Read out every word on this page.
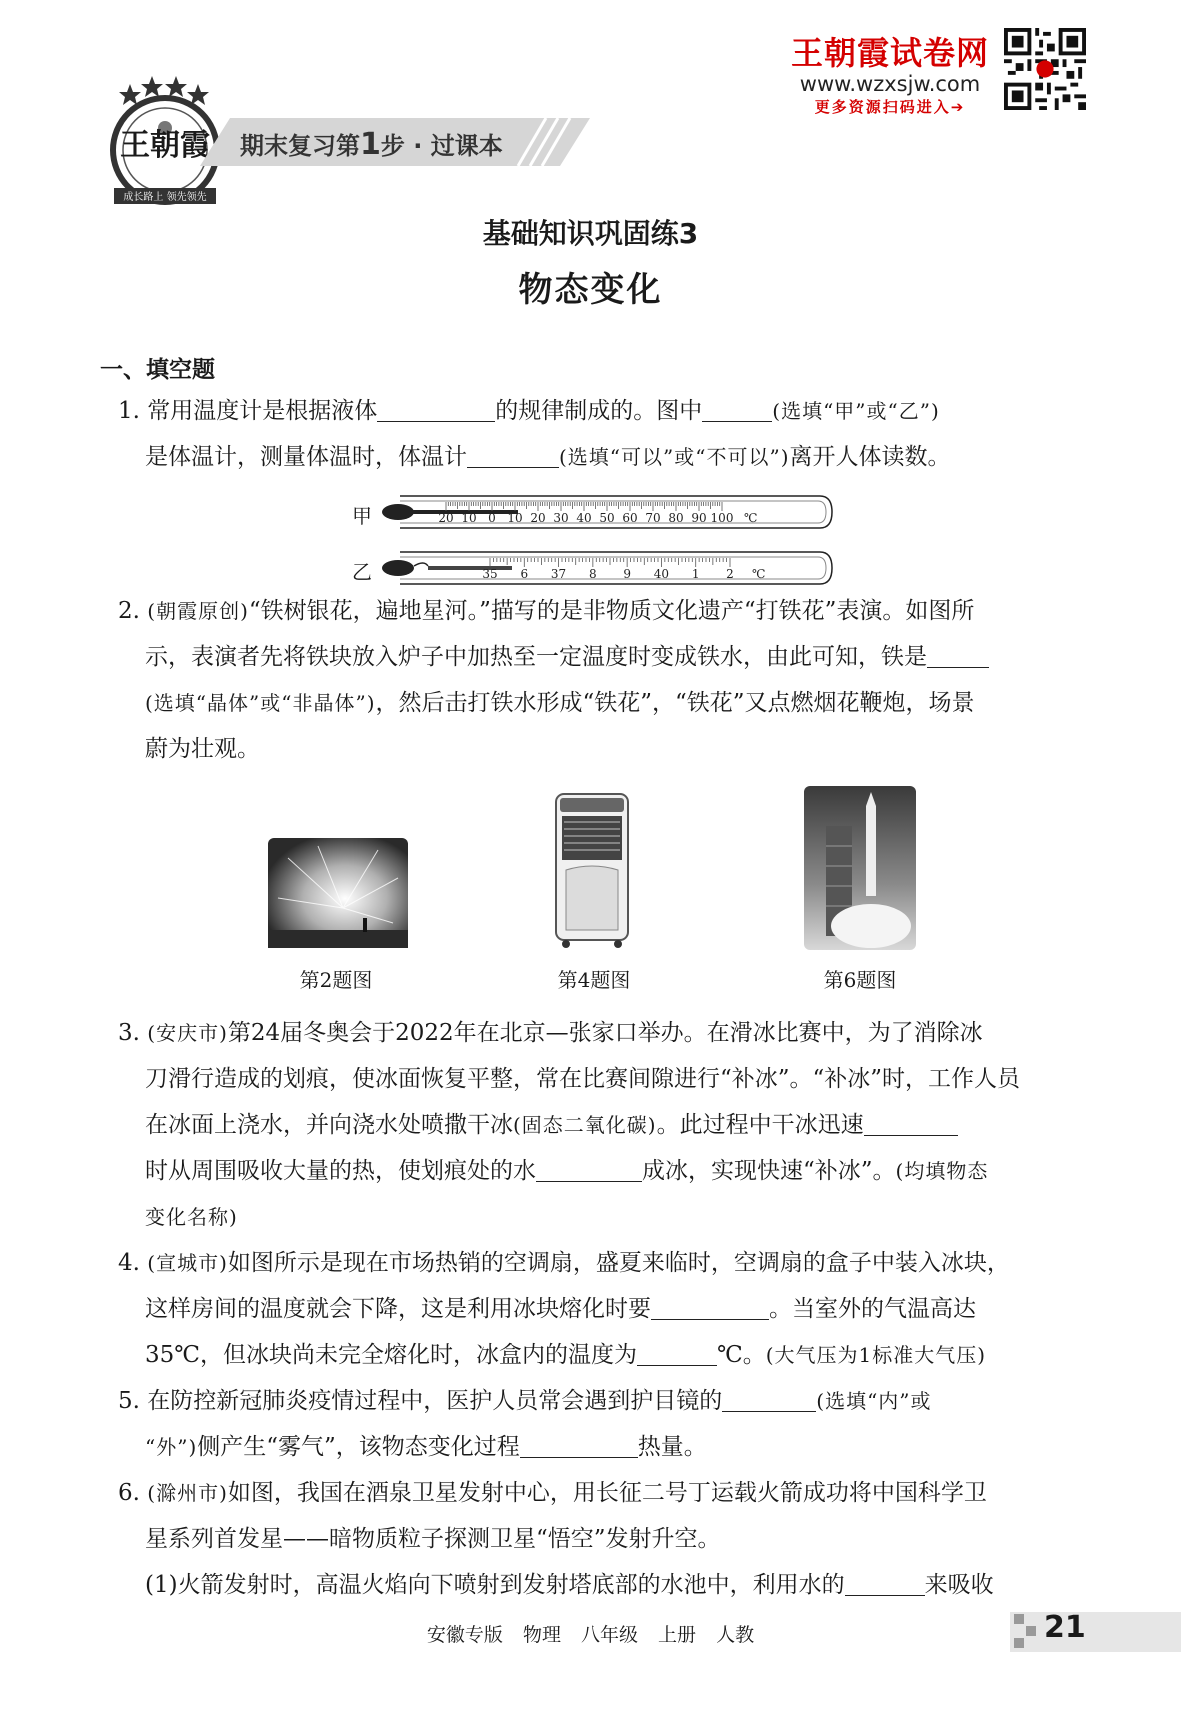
王朝霞
成长路上 领先领先
期末复习第1步 · 过课本
王朝霞试卷网
www.wzxsjw.com
更多资源扫码进入➔
基础知识巩固练3
物态变化
一、填空题
1. 常用温度计是根据液体	的规律制成的。图中	(选填“甲”或“乙”)
是体温计，测量体温时，体温计	(选填“可以”或“不可以”)离开人体读数。
甲
乙
20 10 0 10 20 30 40 50 60 70 80 90 100 ℃
35 6 37 8 9 40 1 2 ℃
2. (朝霞原创)“铁树银花，遍地星河。”描写的是非物质文化遗产“打铁花”表演。如图所
示，表演者先将铁块放入炉子中加热至一定温度时变成铁水，由此可知，铁是
(选填“晶体”或“非晶体”)，然后击打铁水形成“铁花”，“铁花”又点燃烟花鞭炮，场景
蔚为壮观。
第2题图	第4题图	第6题图
3. (安庆市)第24届冬奥会于2022年在北京—张家口举办。在滑冰比赛中，为了消除冰
刀滑行造成的划痕，使冰面恢复平整，常在比赛间隙进行“补冰”。“补冰”时，工作人员
在冰面上浇水，并向浇水处喷撒干冰(固态二氧化碳)。此过程中干冰迅速
时从周围吸收大量的热，使划痕处的水	成冰，实现快速“补冰”。(均填物态
变化名称)
4. (宣城市)如图所示是现在市场热销的空调扇，盛夏来临时，空调扇的盒子中装入冰块，
这样房间的温度就会下降，这是利用冰块熔化时要	。当室外的气温高达
35℃，但冰块尚未完全熔化时，冰盒内的温度为	℃。(大气压为1标准大气压)
5. 在防控新冠肺炎疫情过程中，医护人员常会遇到护目镜的	(选填“内”或
“外”)侧产生“雾气”，该物态变化过程	热量。
6. (滁州市)如图，我国在酒泉卫星发射中心，用长征二号丁运载火箭成功将中国科学卫
星系列首发星——暗物质粒子探测卫星“悟空”发射升空。
(1)火箭发射时，高温火焰向下喷射到发射塔底部的水池中，利用水的	来吸收
安徽专版 物理 八年级 上册 人教	21
